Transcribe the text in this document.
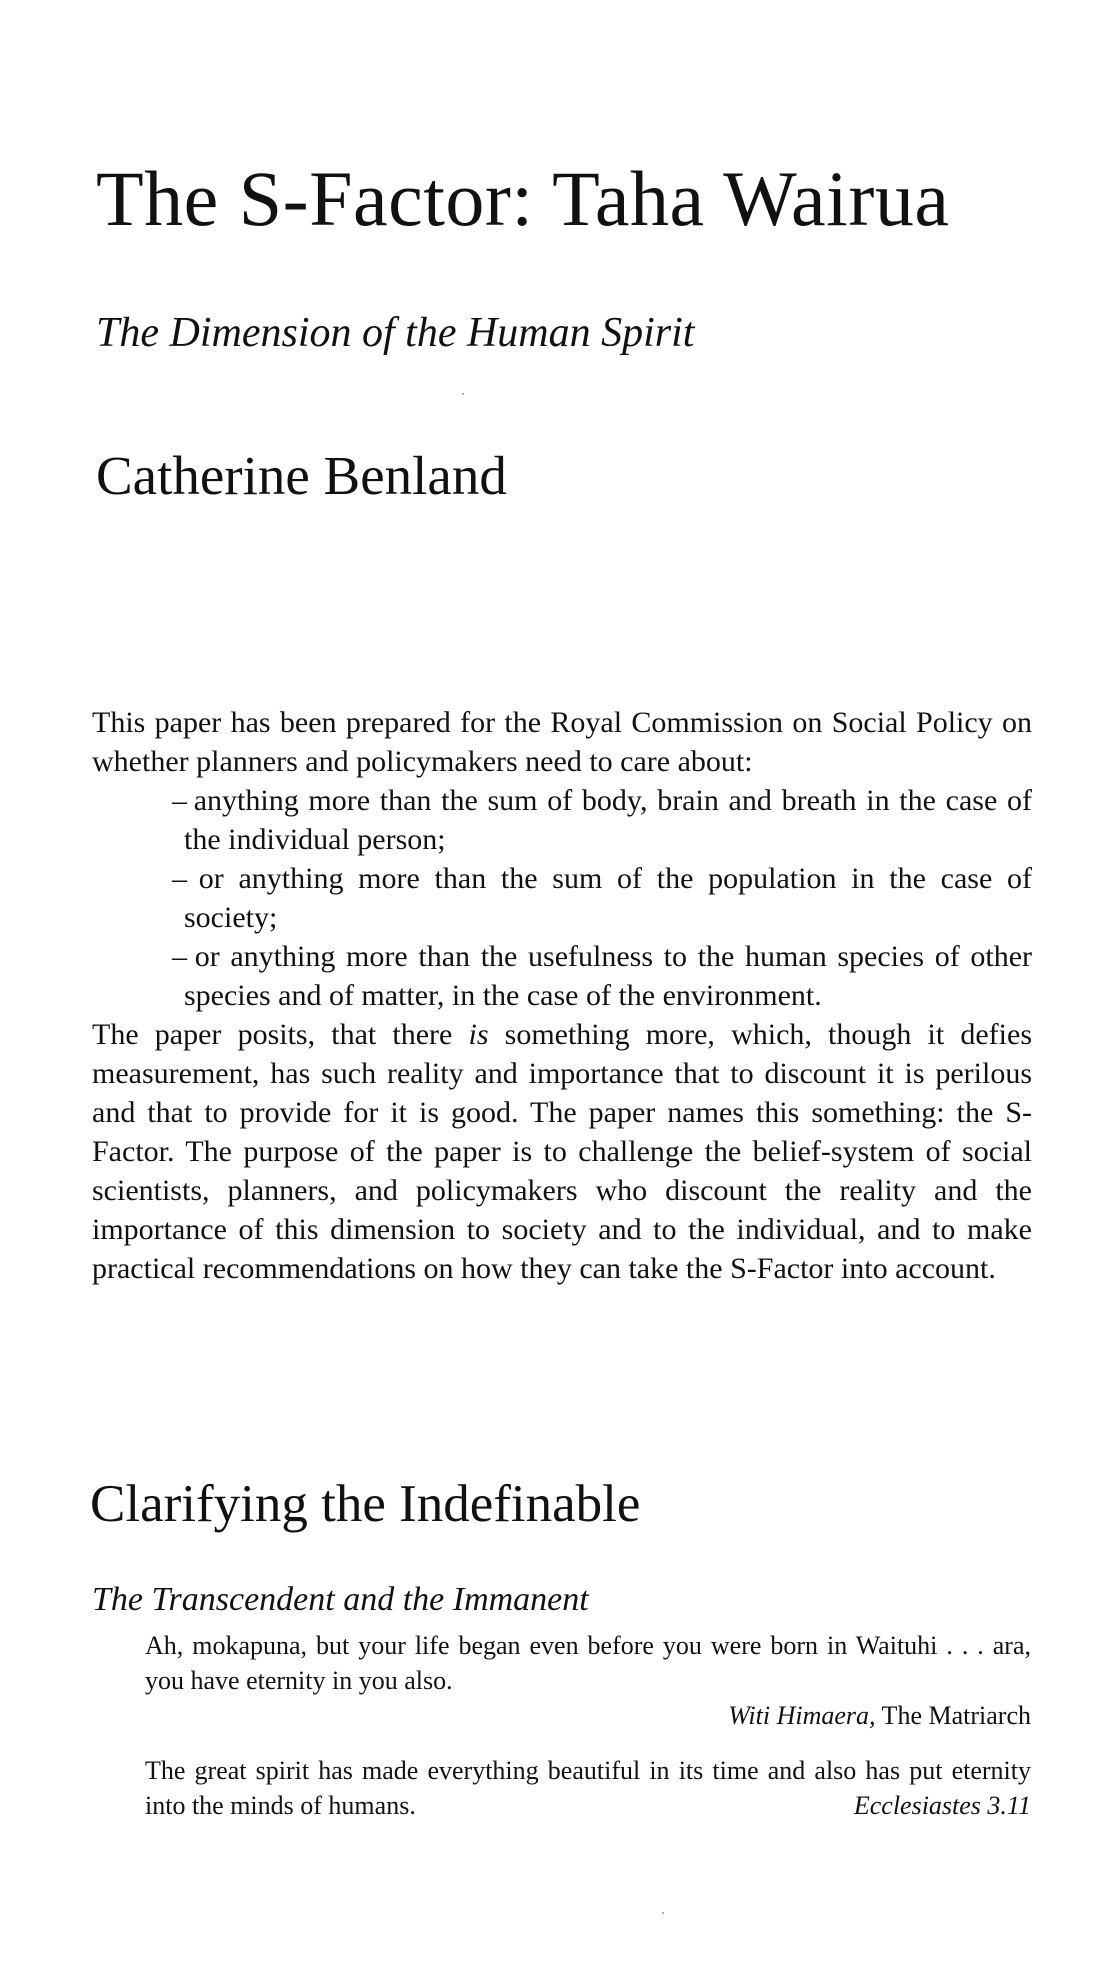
The S-Factor: Taha Wairua

The Dimension of the Human Spirit

Catherine Benland

This paper has been prepared for the Royal Commission on Social Policy on whether planners and policymakers need to care about:

– anything more than the sum of body, brain and breath in the case of the individual person;
– or anything more than the sum of the population in the case of society;
– or anything more than the usefulness to the human species of other species and of matter, in the case of the environment.

The paper posits, that there is something more, which, though it defies measurement, has such reality and importance that to discount it is perilous and that to provide for it is good. The paper names this something: the S-Factor. The purpose of the paper is to challenge the belief-system of social scientists, planners, and policymakers who discount the reality and the importance of this dimension to society and to the individual, and to make practical recommendations on how they can take the S-Factor into account.

Clarifying the Indefinable
The Transcendent and the Immanent

Ah, mokapuna, but your life began even before you were born in Waituhi . . . ara, you have eternity in you also.

Witi Himaera, The Matriarch

The great spirit has made everything beautiful in its time and also has put eternity into the minds of humans.	Ecclesiastes 3.11
